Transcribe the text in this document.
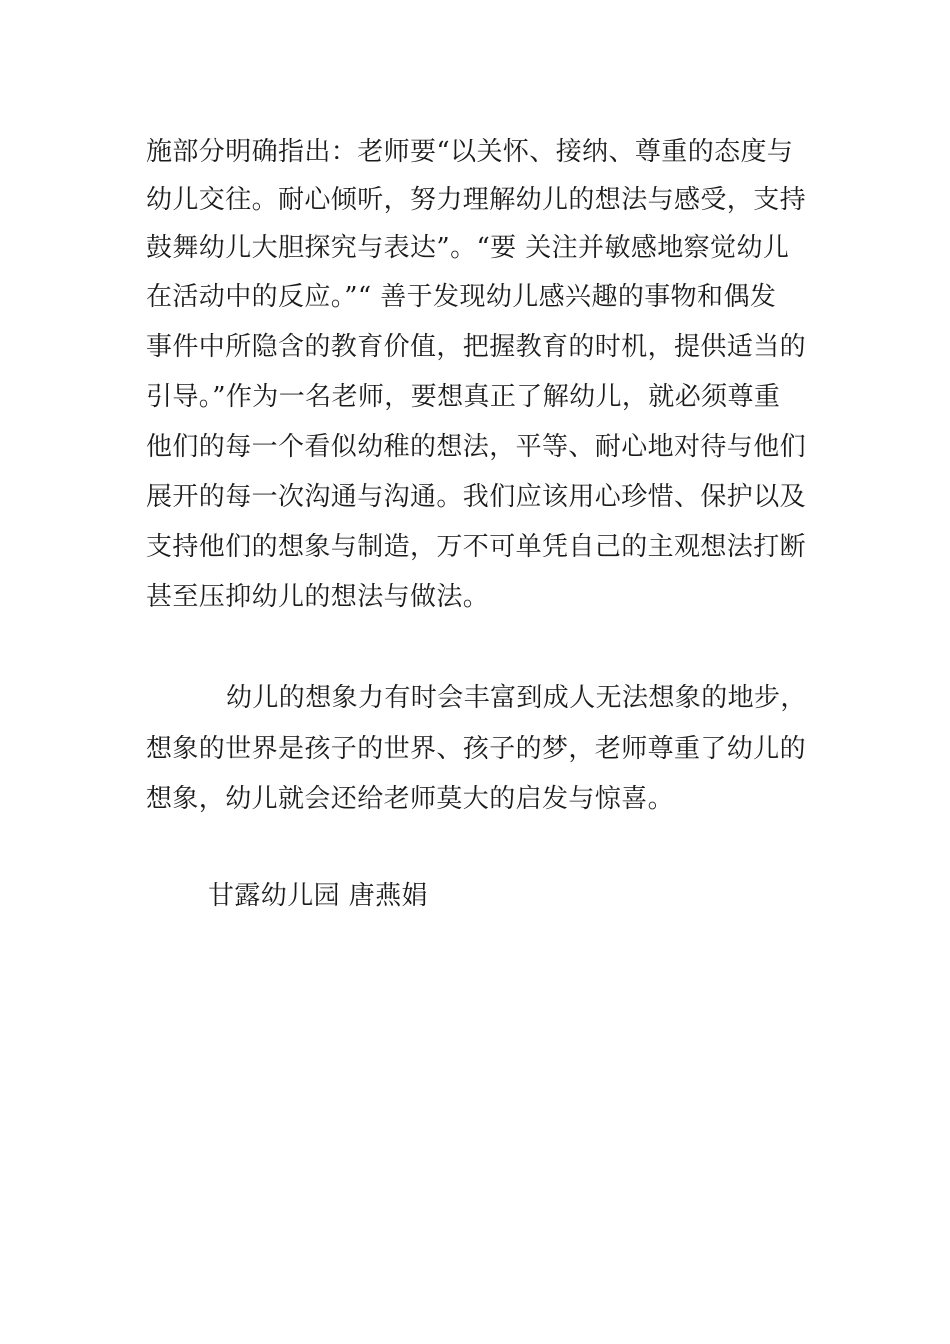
施部分明确指出：老师要“以关怀、接纳、尊重的态度与
幼儿交往。耐心倾听，努力理解幼儿的想法与感受，支持
鼓舞幼儿大胆探究与表达”。“要 关注并敏感地察觉幼儿
在活动中的反应。”“ 善于发现幼儿感兴趣的事物和偶发
事件中所隐含的教育价值，把握教育的时机，提供适当的
引导。”作为一名老师，要想真正了解幼儿，就必须尊重
他们的每一个看似幼稚的想法，平等、耐心地对待与他们
展开的每一次沟通与沟通。我们应该用心珍惜、保护以及
支持他们的想象与制造，万不可单凭自己的主观想法打断
甚至压抑幼儿的想法与做法。
幼儿的想象力有时会丰富到成人无法想象的地步，
想象的世界是孩子的世界、孩子的梦，老师尊重了幼儿的
想象，幼儿就会还给老师莫大的启发与惊喜。
甘露幼儿园 唐燕娟
